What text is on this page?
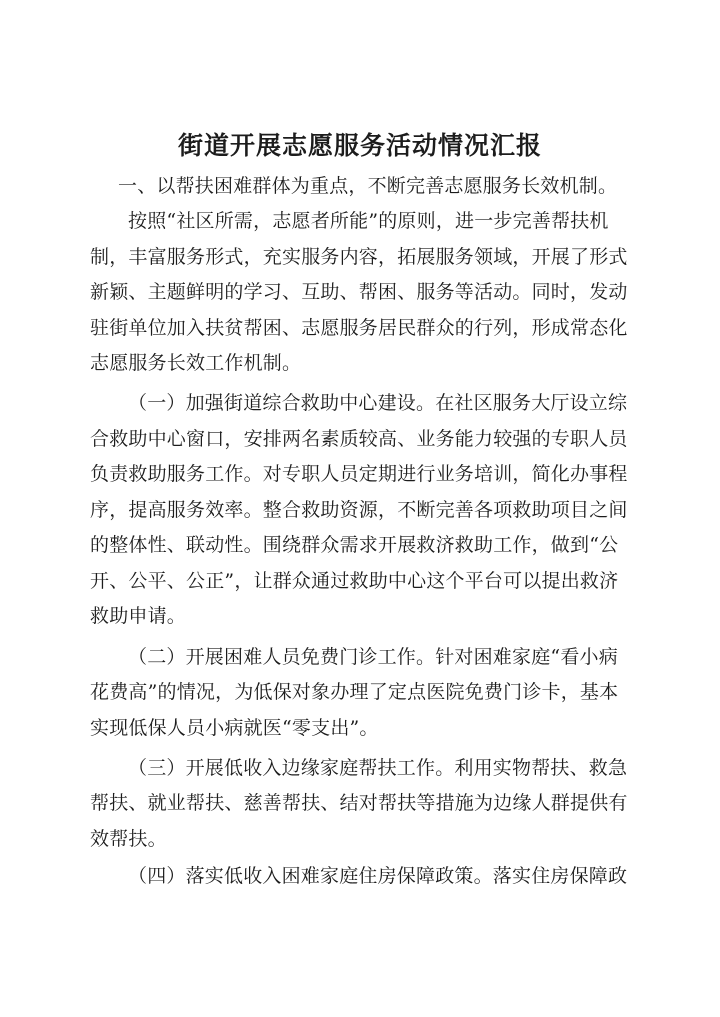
街道开展志愿服务活动情况汇报
一、以帮扶困难群体为重点，不断完善志愿服务长效机制。
按照“社区所需，志愿者所能”的原则，进一步完善帮扶机
制，丰富服务形式，充实服务内容，拓展服务领域，开展了形式
新颖、主题鲜明的学习、互助、帮困、服务等活动。同时，发动
驻街单位加入扶贫帮困、志愿服务居民群众的行列，形成常态化
志愿服务长效工作机制。
（一）加强街道综合救助中心建设。在社区服务大厅设立综
合救助中心窗口，安排两名素质较高、业务能力较强的专职人员
负责救助服务工作。对专职人员定期进行业务培训，简化办事程
序，提高服务效率。整合救助资源，不断完善各项救助项目之间
的整体性、联动性。围绕群众需求开展救济救助工作，做到“公
开、公平、公正”，让群众通过救助中心这个平台可以提出救济
救助申请。
（二）开展困难人员免费门诊工作。针对困难家庭“看小病
花费高”的情况，为低保对象办理了定点医院免费门诊卡，基本
实现低保人员小病就医“零支出”。
（三）开展低收入边缘家庭帮扶工作。利用实物帮扶、救急
帮扶、就业帮扶、慈善帮扶、结对帮扶等措施为边缘人群提供有
效帮扶。
（四）落实低收入困难家庭住房保障政策。落实住房保障政
